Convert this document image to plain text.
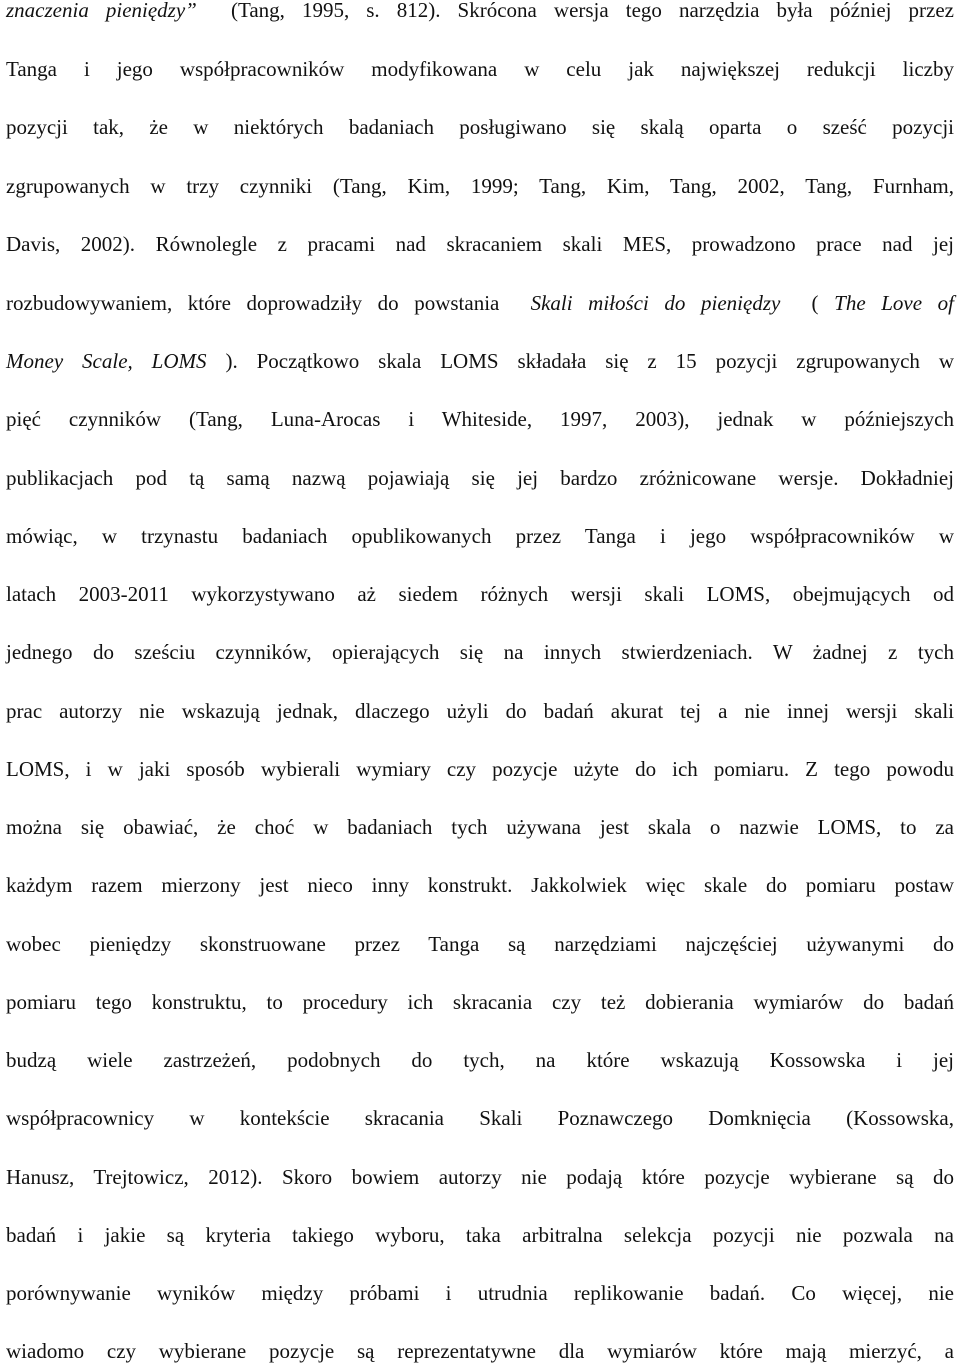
znaczenia pieniędzy”  (Tang, 1995, s. 812). Skrócona wersja tego narzędzia była później przez
Tanga i jego współpracowników modyfikowana w celu jak największej redukcji liczby
pozycji tak, że w niektórych badaniach posługiwano się skalą oparta o sześć pozycji
zgrupowanych w trzy czynniki (Tang, Kim, 1999; Tang, Kim, Tang, 2002, Tang, Furnham,
Davis, 2002). Równolegle z pracami nad skracaniem skali MES, prowadzono prace nad jej
rozbudowywaniem, które doprowadziły do powstania  Skali miłości do pieniędzy  ( The Love of
Money Scale, LOMS ). Początkowo skala LOMS składała się z 15 pozycji zgrupowanych w
pięć czynników (Tang, Luna-Arocas i Whiteside, 1997, 2003), jednak w późniejszych
publikacjach pod tą samą nazwą pojawiają się jej bardzo zróżnicowane wersje. Dokładniej
mówiąc, w trzynastu badaniach opublikowanych przez Tanga i jego współpracowników w
latach 2003-2011 wykorzystywano aż siedem różnych wersji skali LOMS, obejmujących od
jednego do sześciu czynników, opierających się na innych stwierdzeniach. W żadnej z tych
prac autorzy nie wskazują jednak, dlaczego użyli do badań akurat tej a nie innej wersji skali
LOMS, i w jaki sposób wybierali wymiary czy pozycje użyte do ich pomiaru. Z tego powodu
można się obawiać, że choć w badaniach tych używana jest skala o nazwie LOMS, to za
każdym razem mierzony jest nieco inny konstrukt. Jakkolwiek więc skale do pomiaru postaw
wobec pieniędzy skonstruowane przez Tanga są narzędziami najczęściej używanymi do
pomiaru tego konstruktu, to procedury ich skracania czy też dobierania wymiarów do badań
budzą wiele zastrzeżeń, podobnych do tych, na które wskazują Kossowska i jej
współpracownicy w kontekście skracania Skali Poznawczego Domknięcia (Kossowska,
Hanusz, Trejtowicz, 2012). Skoro bowiem autorzy nie podają które pozycje wybierane są do
badań i jakie są kryteria takiego wyboru, taka arbitralna selekcja pozycji nie pozwala na
porównywanie wyników między próbami i utrudnia replikowanie badań. Co więcej, nie
wiadomo czy wybierane pozycje są reprezentatywne dla wymiarów które mają mierzyć, a
